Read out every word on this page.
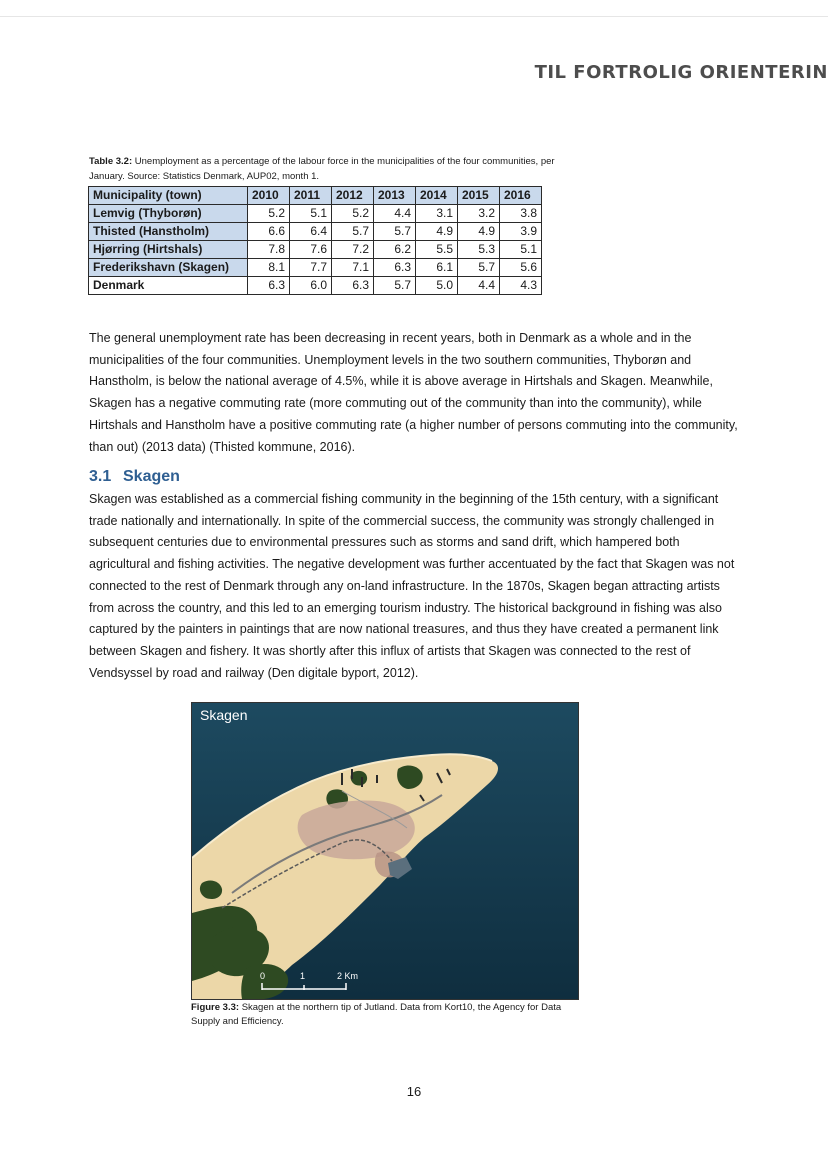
TIL FORTROLIG ORIENTERIN
Table 3.2: Unemployment as a percentage of the labour force in the municipalities of the four communities, per January. Source: Statistics Denmark, AUP02, month 1.
Municipality (town)	2010	2011	2012	2013	2014	2015	2016
Lemvig (Thyborøn)	5.2	5.1	5.2	4.4	3.1	3.2	3.8
Thisted (Hanstholm)	6.6	6.4	5.7	5.7	4.9	4.9	3.9
Hjørring (Hirtshals)	7.8	7.6	7.2	6.2	5.5	5.3	5.1
Frederikshavn (Skagen)	8.1	7.7	7.1	6.3	6.1	5.7	5.6
Denmark	6.3	6.0	6.3	5.7	5.0	4.4	4.3

The general unemployment rate has been decreasing in recent years, both in Denmark as a whole and in the municipalities of the four communities. Unemployment levels in the two southern communities, Thyborøn and Hanstholm, is below the national average of 4.5%, while it is above average in Hirtshals and Skagen. Meanwhile, Skagen has a negative commuting rate (more commuting out of the community than into the community), while Hirtshals and Hanstholm have a positive commuting rate (a higher number of persons commuting into the community, than out) (2013 data) (Thisted kommune, 2016).

3.1 Skagen

Skagen was established as a commercial fishing community in the beginning of the 15th century, with a significant trade nationally and internationally. In spite of the commercial success, the community was strongly challenged in subsequent centuries due to environmental pressures such as storms and sand drift, which hampered both agricultural and fishing activities. The negative development was further accentuated by the fact that Skagen was not connected to the rest of Denmark through any on-land infrastructure. In the 1870s, Skagen began attracting artists from across the country, and this led to an emerging tourism industry. The historical background in fishing was also captured by the painters in paintings that are now national treasures, and thus they have created a permanent link between Skagen and fishery. It was shortly after this influx of artists that Skagen was connected to the rest of Vendsyssel by road and railway (Den digitale byport, 2012).

Skagen
0	1	2 Km
Figure 3.3: Skagen at the northern tip of Jutland. Data from Kort10, the Agency for Data Supply and Efficiency.
16
